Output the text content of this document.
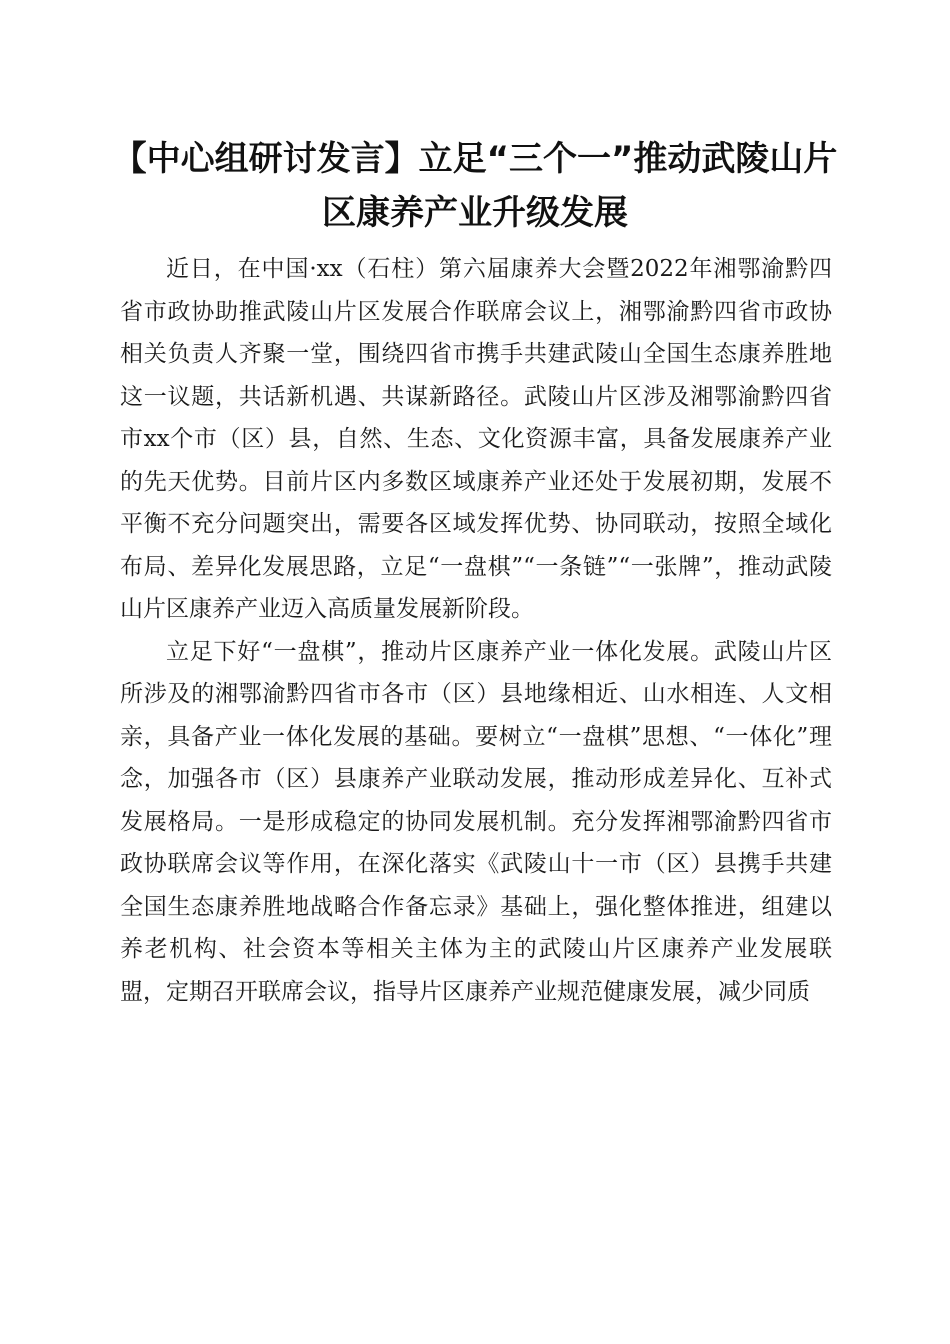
【中心组研讨发言】立足“三个一”推动武陵山片区康养产业升级发展

近日，在中国·xx（石柱）第六届康养大会暨2022年湘鄂渝黔四省市政协助推武陵山片区发展合作联席会议上，湘鄂渝黔四省市政协相关负责人齐聚一堂，围绕四省市携手共建武陵山全国生态康养胜地这一议题，共话新机遇、共谋新路径。武陵山片区涉及湘鄂渝黔四省市xx个市（区）县，自然、生态、文化资源丰富，具备发展康养产业的先天优势。目前片区内多数区域康养产业还处于发展初期，发展不平衡不充分问题突出，需要各区域发挥优势、协同联动，按照全域化布局、差异化发展思路，立足“一盘棋”“一条链”“一张牌”，推动武陵山片区康养产业迈入高质量发展新阶段。

立足下好“一盘棋”，推动片区康养产业一体化发展。武陵山片区所涉及的湘鄂渝黔四省市各市（区）县地缘相近、山水相连、人文相亲，具备产业一体化发展的基础。要树立“一盘棋”思想、“一体化”理念，加强各市（区）县康养产业联动发展，推动形成差异化、互补式发展格局。一是形成稳定的协同发展机制。充分发挥湘鄂渝黔四省市政协联席会议等作用，在深化落实《武陵山十一市（区）县携手共建全国生态康养胜地战略合作备忘录》基础上，强化整体推进，组建以养老机构、社会资本等相关主体为主的武陵山片区康养产业发展联盟，定期召开联席会议，指导片区康养产业规范健康发展，减少同质
